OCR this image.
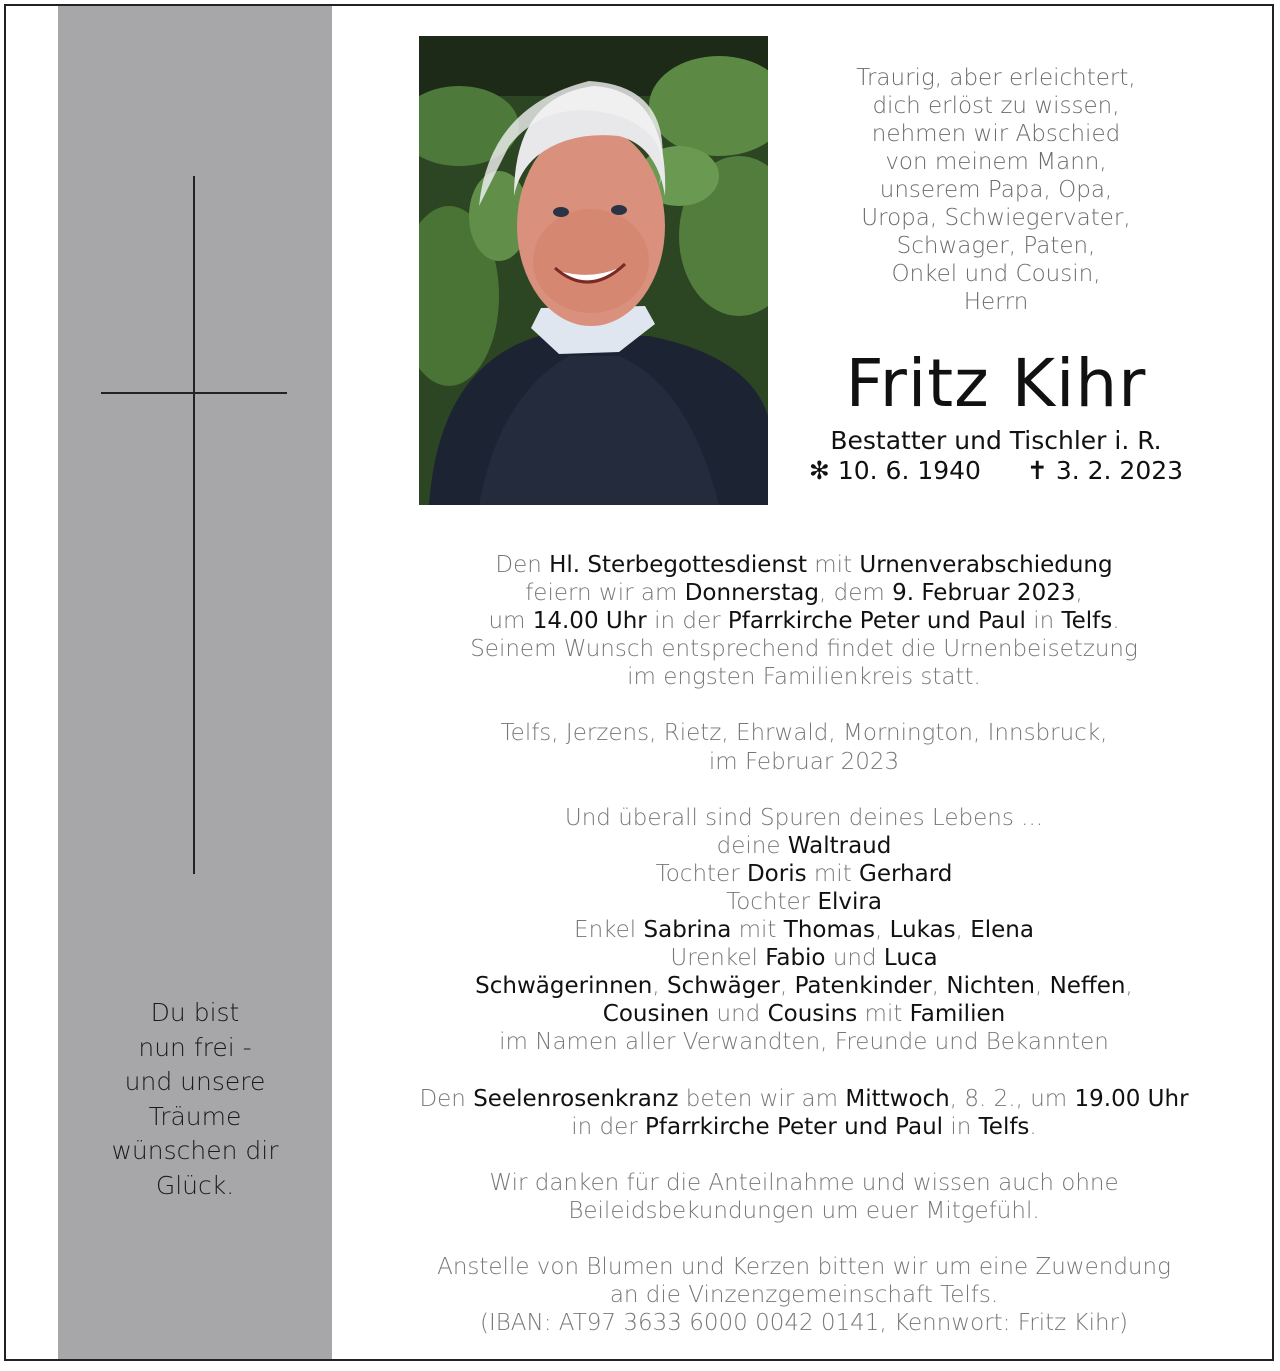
Du bist
nun frei -
und unsere
Träume
wünschen dir
Glück.
Traurig, aber erleichtert,
dich erlöst zu wissen,
nehmen wir Abschied
von meinem Mann,
unserem Papa, Opa,
Uropa, Schwiegervater,
Schwager, Paten,
Onkel und Cousin,
Herrn
Fritz Kihr
Bestatter und Tischler i. R.
✻ 10. 6. 1940 ✝ 3. 2. 2023
Den Hl. Sterbegottesdienst mit Urnenverabschiedung
feiern wir am Donnerstag, dem 9. Februar 2023,
um 14.00 Uhr in der Pfarrkirche Peter und Paul in Telfs.
Seinem Wunsch entsprechend findet die Urnenbeisetzung
im engsten Familienkreis statt.
Telfs, Jerzens, Rietz, Ehrwald, Mornington, Innsbruck,
im Februar 2023
Und überall sind Spuren deines Lebens ...
deine Waltraud
Tochter Doris mit Gerhard
Tochter Elvira
Enkel Sabrina mit Thomas, Lukas, Elena
Urenkel Fabio und Luca
Schwägerinnen, Schwäger, Patenkinder, Nichten, Neffen,
Cousinen und Cousins mit Familien
im Namen aller Verwandten, Freunde und Bekannten
Den Seelenrosenkranz beten wir am Mittwoch, 8. 2., um 19.00 Uhr
in der Pfarrkirche Peter und Paul in Telfs.
Wir danken für die Anteilnahme und wissen auch ohne
Beileidsbekundungen um euer Mitgefühl.
Anstelle von Blumen und Kerzen bitten wir um eine Zuwendung
an die Vinzenzgemeinschaft Telfs.
(IBAN: AT97 3633 6000 0042 0141, Kennwort: Fritz Kihr)
